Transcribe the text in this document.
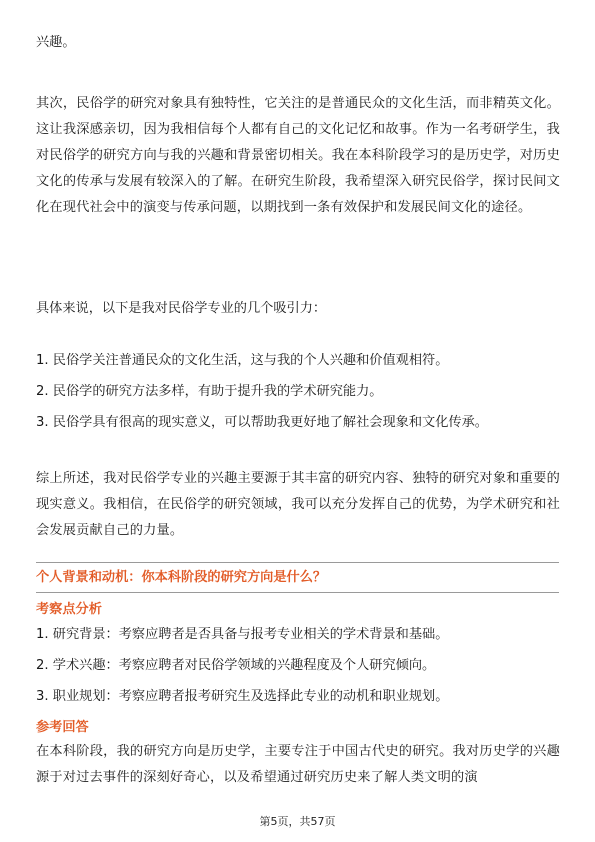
兴趣。

其次，民俗学的研究对象具有独特性，它关注的是普通民众的文化生活，而非精英文化。这让我深感亲切，因为我相信每个人都有自己的文化记忆和故事。作为一名考研学生，我对民俗学的研究方向与我的兴趣和背景密切相关。我在本科阶段学习的是历史学，对历史文化的传承与发展有较深入的了解。在研究生阶段，我希望深入研究民俗学，探讨民间文化在现代社会中的演变与传承问题，以期找到一条有效保护和发展民间文化的途径。

具体来说，以下是我对民俗学专业的几个吸引力：

1. 民俗学关注普通民众的文化生活，这与我的个人兴趣和价值观相符。

2. 民俗学的研究方法多样，有助于提升我的学术研究能力。

3. 民俗学具有很高的现实意义，可以帮助我更好地了解社会现象和文化传承。

综上所述，我对民俗学专业的兴趣主要源于其丰富的研究内容、独特的研究对象和重要的现实意义。我相信，在民俗学的研究领域，我可以充分发挥自己的优势，为学术研究和社会发展贡献自己的力量。

个人背景和动机：你本科阶段的研究方向是什么？

考察点分析

1. 研究背景：考察应聘者是否具备与报考专业相关的学术背景和基础。

2. 学术兴趣：考察应聘者对民俗学领域的兴趣程度及个人研究倾向。

3. 职业规划：考察应聘者报考研究生及选择此专业的动机和职业规划。

参考回答

在本科阶段，我的研究方向是历史学，主要专注于中国古代史的研究。我对历史学的兴趣源于对过去事件的深刻好奇心，以及希望通过研究历史来了解人类文明的演

第5页，共57页
